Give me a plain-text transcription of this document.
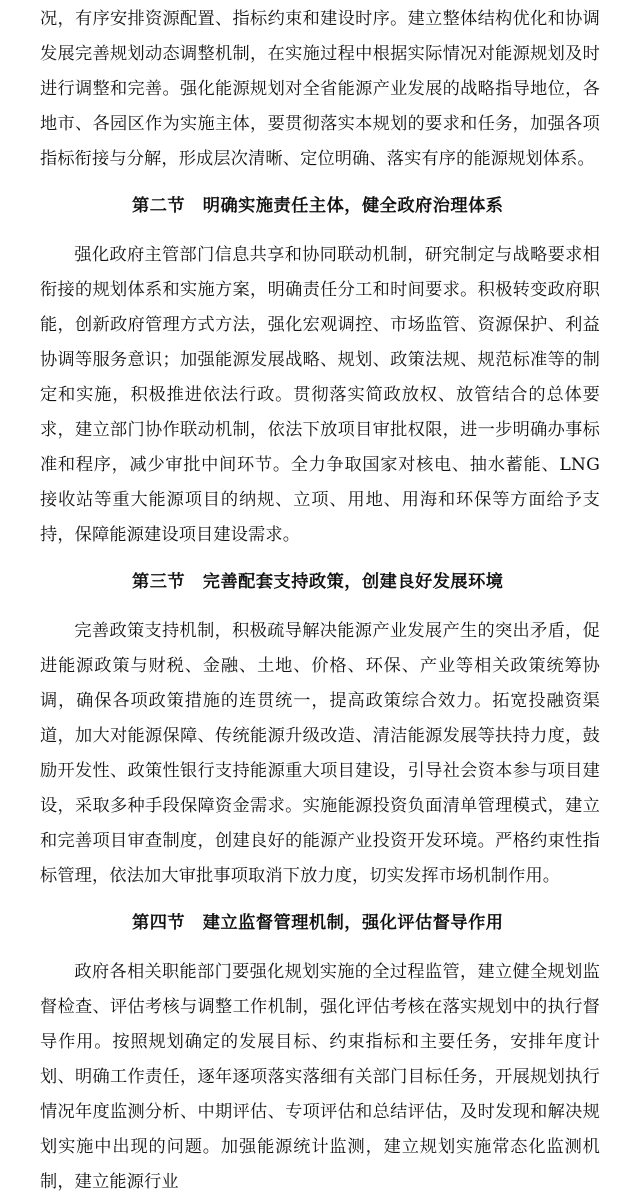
况，有序安排资源配置、指标约束和建设时序。建立整体结构优化和协调发展完善规划动态调整机制，在实施过程中根据实际情况对能源规划及时进行调整和完善。强化能源规划对全省能源产业发展的战略指导地位，各地市、各园区作为实施主体，要贯彻落实本规划的要求和任务，加强各项指标衔接与分解，形成层次清晰、定位明确、落实有序的能源规划体系。

第二节　明确实施责任主体，健全政府治理体系

强化政府主管部门信息共享和协同联动机制，研究制定与战略要求相衔接的规划体系和实施方案，明确责任分工和时间要求。积极转变政府职能，创新政府管理方式方法，强化宏观调控、市场监管、资源保护、利益协调等服务意识；加强能源发展战略、规划、政策法规、规范标准等的制定和实施，积极推进依法行政。贯彻落实简政放权、放管结合的总体要求，建立部门协作联动机制，依法下放项目审批权限，进一步明确办事标准和程序，减少审批中间环节。全力争取国家对核电、抽水蓄能、LNG接收站等重大能源项目的纳规、立项、用地、用海和环保等方面给予支持，保障能源建设项目建设需求。

第三节　完善配套支持政策，创建良好发展环境

完善政策支持机制，积极疏导解决能源产业发展产生的突出矛盾，促进能源政策与财税、金融、土地、价格、环保、产业等相关政策统筹协调，确保各项政策措施的连贯统一，提高政策综合效力。拓宽投融资渠道，加大对能源保障、传统能源升级改造、清洁能源发展等扶持力度，鼓励开发性、政策性银行支持能源重大项目建设，引导社会资本参与项目建设，采取多种手段保障资金需求。实施能源投资负面清单管理模式，建立和完善项目审查制度，创建良好的能源产业投资开发环境。严格约束性指标管理，依法加大审批事项取消下放力度，切实发挥市场机制作用。

第四节　建立监督管理机制，强化评估督导作用

政府各相关职能部门要强化规划实施的全过程监管，建立健全规划监督检查、评估考核与调整工作机制，强化评估考核在落实规划中的执行督导作用。按照规划确定的发展目标、约束指标和主要任务，安排年度计划、明确工作责任，逐年逐项落实落细有关部门目标任务，开展规划执行情况年度监测分析、中期评估、专项评估和总结评估，及时发现和解决规划实施中出现的问题。加强能源统计监测，建立规划实施常态化监测机制，建立能源行业
